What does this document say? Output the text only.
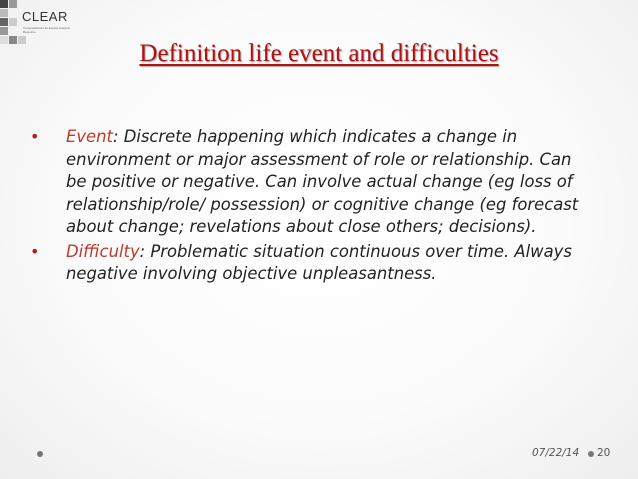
CLEAR
Computational Life Events Analysis Resource
Definition life event and difficulties
• Event: Discrete happening which indicates a change in environment or major assessment of role or relationship. Can be positive or negative. Can involve actual change (eg loss of relationship/role/ possession) or cognitive change (eg forecast about change; revelations about close others; decisions).
• Difficulty: Problematic situation continuous over time. Always negative involving objective unpleasantness.
07/22/14 20
